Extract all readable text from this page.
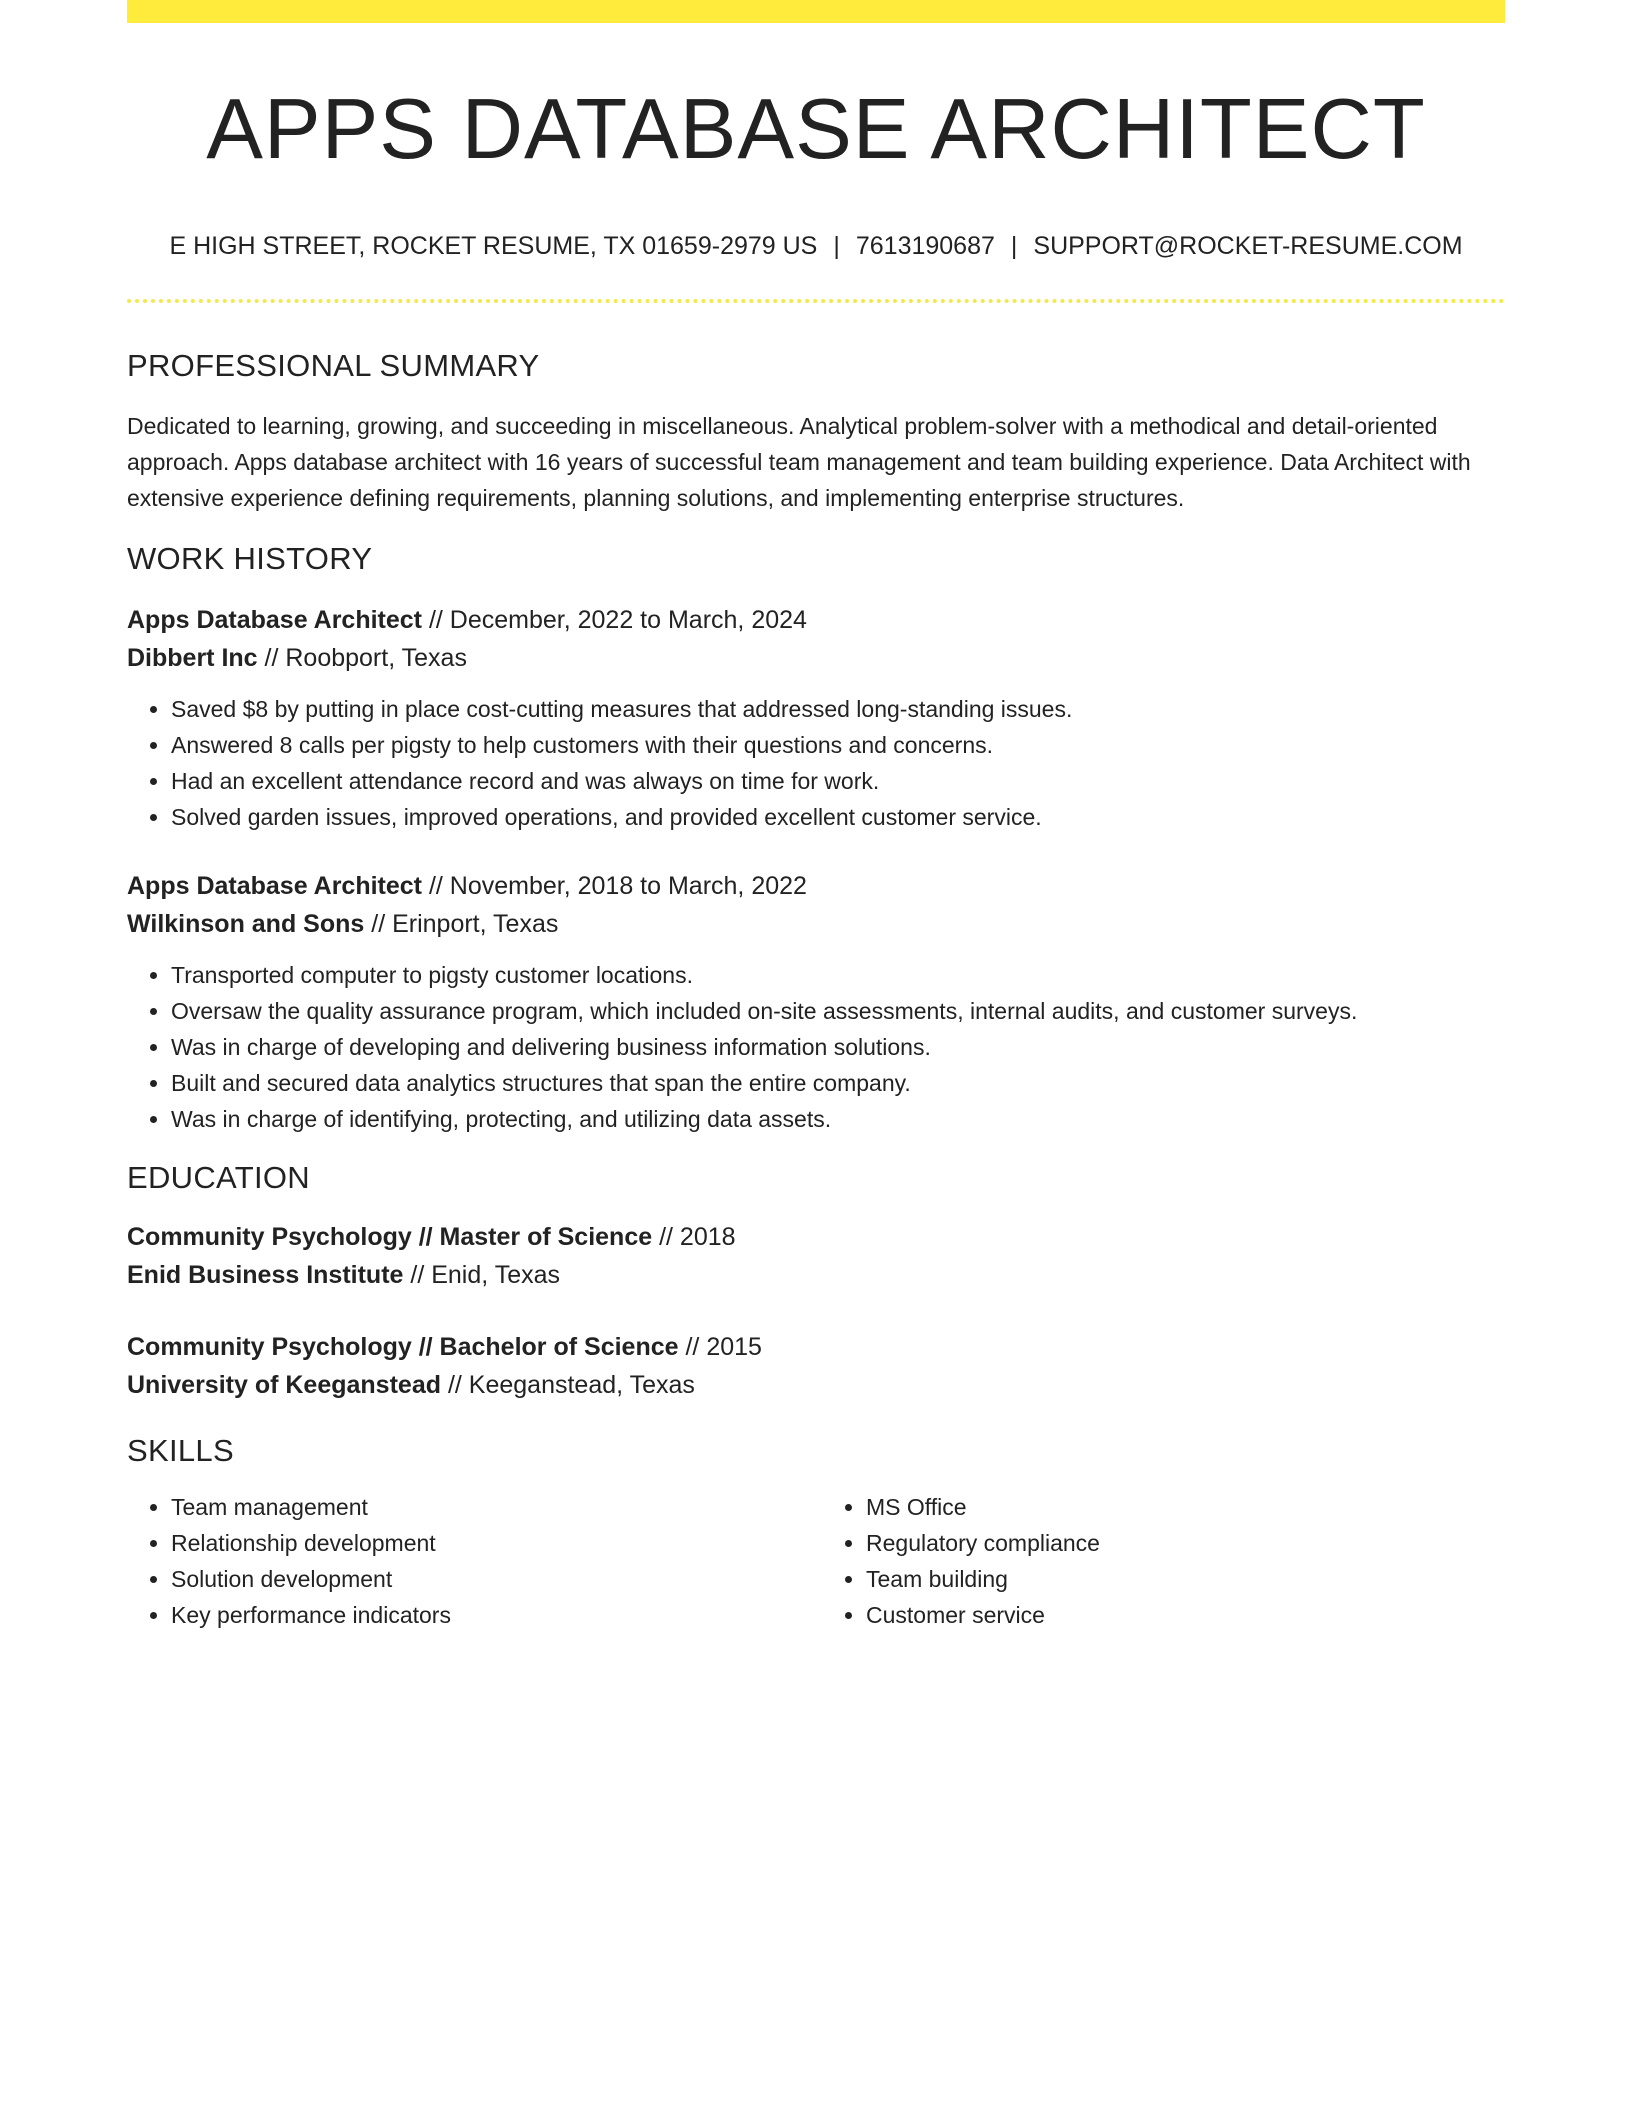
APPS DATABASE ARCHITECT
E HIGH STREET, ROCKET RESUME, TX 01659-2979 US | 7613190687 | SUPPORT@ROCKET-RESUME.COM
PROFESSIONAL SUMMARY

Dedicated to learning, growing, and succeeding in miscellaneous. Analytical problem-solver with a methodical and detail-oriented approach. Apps database architect with 16 years of successful team management and team building experience. Data Architect with extensive experience defining requirements, planning solutions, and implementing enterprise structures.

WORK HISTORY
Apps Database Architect // December, 2022 to March, 2024
Dibbert Inc // Roobport, Texas
• Saved $8 by putting in place cost-cutting measures that addressed long-standing issues.
• Answered 8 calls per pigsty to help customers with their questions and concerns.
• Had an excellent attendance record and was always on time for work.
• Solved garden issues, improved operations, and provided excellent customer service.
Apps Database Architect // November, 2018 to March, 2022
Wilkinson and Sons // Erinport, Texas
• Transported computer to pigsty customer locations.
• Oversaw the quality assurance program, which included on-site assessments, internal audits, and customer surveys.
• Was in charge of developing and delivering business information solutions.
• Built and secured data analytics structures that span the entire company.
• Was in charge of identifying, protecting, and utilizing data assets.
EDUCATION
Community Psychology // Master of Science // 2018
Enid Business Institute // Enid, Texas
Community Psychology // Bachelor of Science // 2015
University of Keeganstead // Keeganstead, Texas
SKILLS
• Team management
• Relationship development
• Solution development
• Key performance indicators
• MS Office
• Regulatory compliance
• Team building
• Customer service
